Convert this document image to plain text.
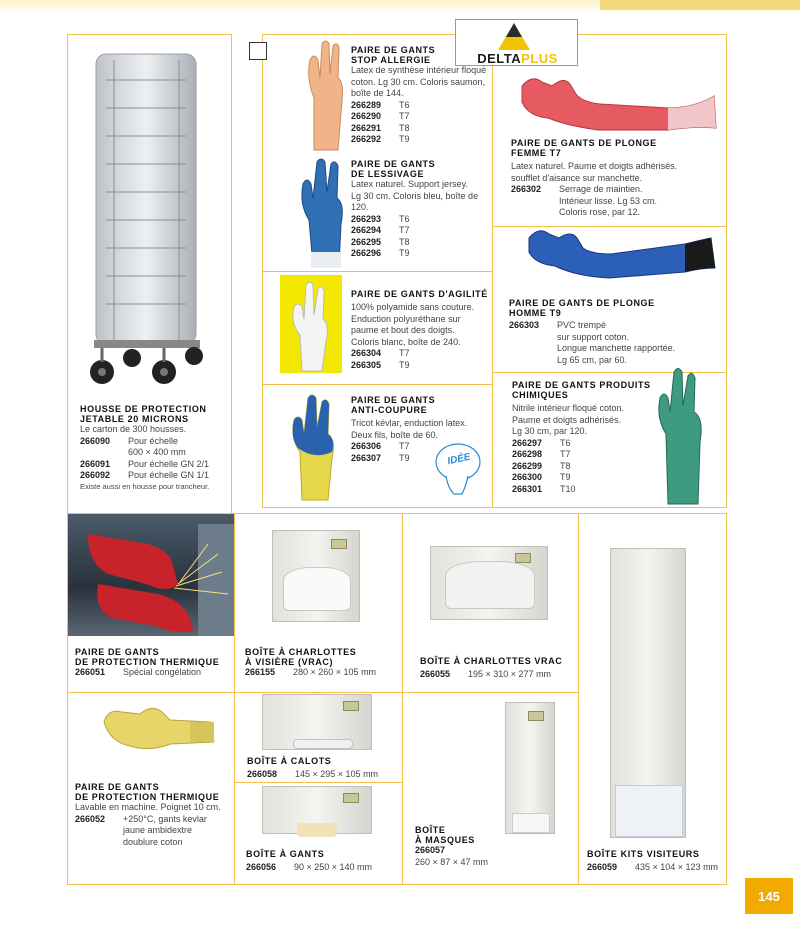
DELTAPLUS
HOUSSE DE PROTECTION
JETABLE 20 MICRONS
Le carton de 300 housses.
266090	Pour échelle
600 × 400 mm
266091	Pour échelle GN 2/1
266092	Pour échelle GN 1/1
Existe aussi en housse pour trancheur.
PAIRE DE GANTS
STOP ALLERGIE
Latex de synthèse intérieur floqué
coton. Lg 30 cm. Coloris saumon,
boîte de 144.
266289	T6
266290	T7
266291	T8
266292	T9
PAIRE DE GANTS
DE LESSIVAGE
Latex naturel. Support jersey.
Lg 30 cm. Coloris bleu, boîte de
120.
266293	T6
266294	T7
266295	T8
266296	T9
PAIRE DE GANTS D'AGILITÉ
100% polyamide sans couture.
Enduction polyuréthane sur
paume et bout des doigts.
Coloris blanc, boîte de 240.
266304	T7
266305	T9
PAIRE DE GANTS
ANTI-COUPURE
Tricot kévlar, enduction latex.
Deux fils, boîte de 60.
266306	T7
266307	T9	IDÉE
PAIRE DE GANTS DE PLONGE
FEMME T7
Latex naturel. Paume et doigts adhérisés.
soufflet d'aisance sur manchette.
266302	Serrage de maintien.
Intérieur lisse. Lg 53 cm.
Coloris rose, par 12.
PAIRE DE GANTS DE PLONGE
HOMME T9
266303	PVC trempé
sur support coton.
Longue manchette rapportée.
Lg 65 cm, par 60.
PAIRE DE GANTS PRODUITS
CHIMIQUES
Nitrile intérieur floqué coton.
Paume et doigts adhérisés.
Lg 30 cm, par 120.
266297	T6
266298	T7
266299	T8
266300	T9
266301	T10
PAIRE DE GANTS
DE PROTECTION THERMIQUE
266051	Spécial congélation
BOÎTE À CHARLOTTES
À VISIÈRE (VRAC)
266155	280 × 260 × 105 mm
BOÎTE À CHARLOTTES VRAC
266055	195 × 310 × 277 mm
PAIRE DE GANTS
DE PROTECTION THERMIQUE
Lavable en machine. Poignet 10 cm.
266052	+250°C, gants kevlar
jaune ambidextre
doublure coton
BOÎTE À CALOTS
266058	145 × 295 × 105 mm
BOÎTE À GANTS
266056	90 × 250 × 140 mm
BOÎTE
À MASQUES
266057
260 × 87 × 47 mm
BOÎTE KITS VISITEURS
266059	435 × 104 × 123 mm
145
